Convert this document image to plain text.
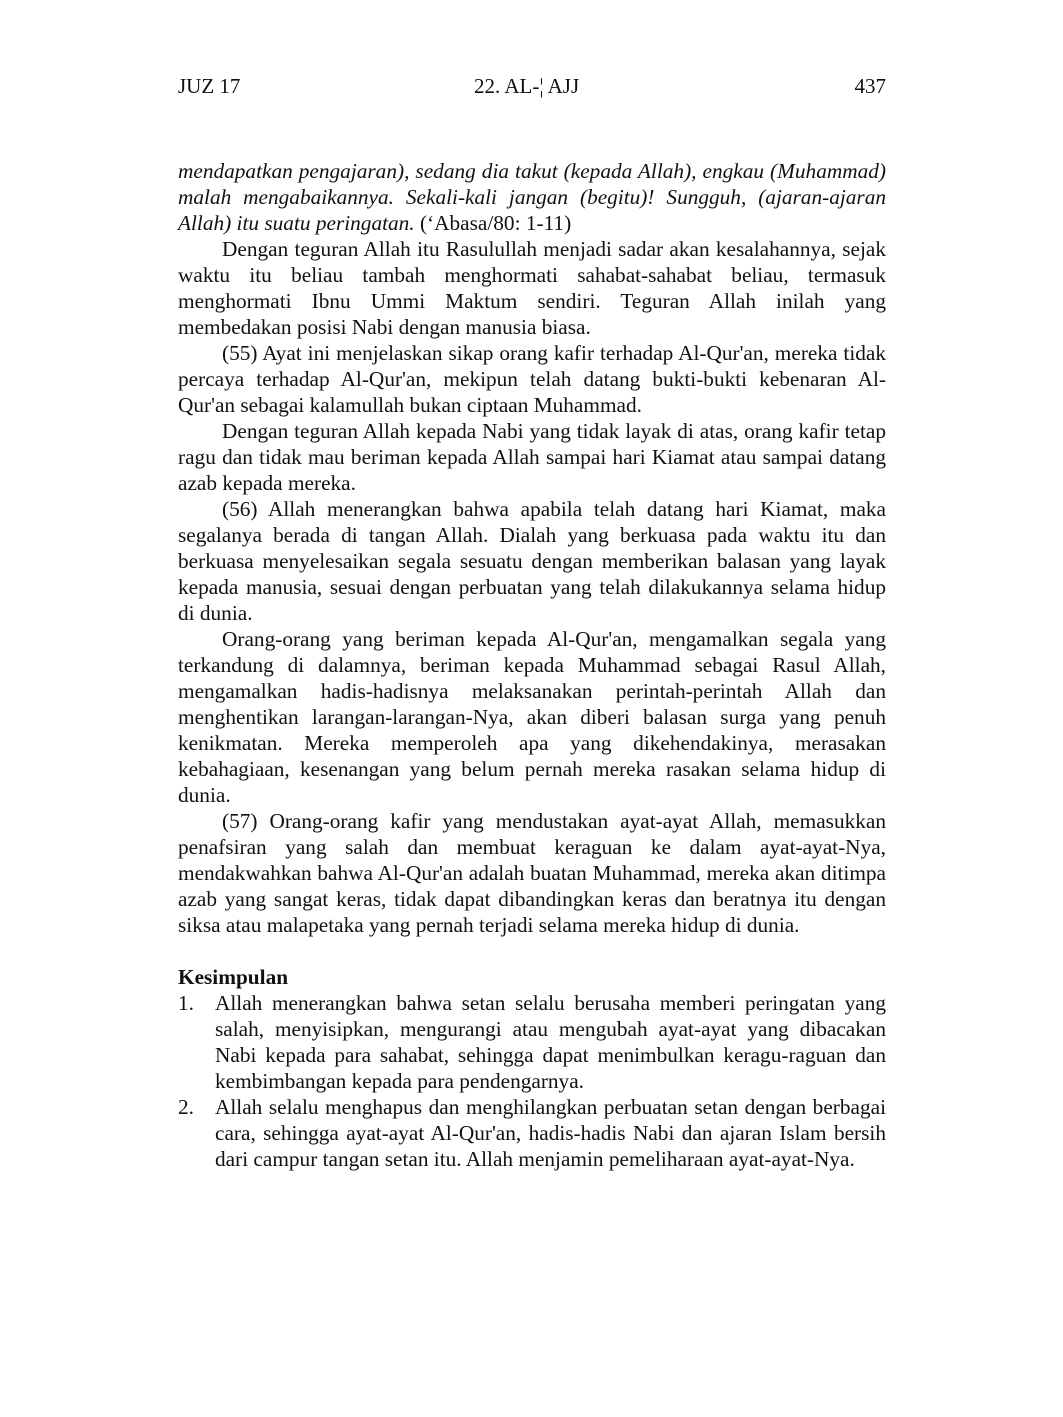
JUZ 17	22. AL-¦ AJJ	437

mendapatkan pengajaran), sedang dia takut (kepada Allah), engkau (Muhammad) malah mengabaikannya. Sekali-kali jangan (begitu)! Sungguh, (ajaran-ajaran Allah) itu suatu peringatan. (‘Abasa/80: 1-11)

Dengan teguran Allah itu Rasulullah menjadi sadar akan kesalahannya, sejak waktu itu beliau tambah menghormati sahabat-sahabat beliau, termasuk menghormati Ibnu Ummi Maktum sendiri. Teguran Allah inilah yang membedakan posisi Nabi dengan manusia biasa.

(55) Ayat ini menjelaskan sikap orang kafir terhadap Al-Qur'an, mereka tidak percaya terhadap Al-Qur'an, mekipun telah datang bukti-bukti kebenaran Al-Qur'an sebagai kalamullah bukan ciptaan Muhammad.

Dengan teguran Allah kepada Nabi yang tidak layak di atas, orang kafir tetap ragu dan tidak mau beriman kepada Allah sampai hari Kiamat atau sampai datang azab kepada mereka.

(56) Allah menerangkan bahwa apabila telah datang hari Kiamat, maka segalanya berada di tangan Allah. Dialah yang berkuasa pada waktu itu dan berkuasa menyelesaikan segala sesuatu dengan memberikan balasan yang layak kepada manusia, sesuai dengan perbuatan yang telah dilakukannya selama hidup di dunia.

Orang-orang yang beriman kepada Al-Qur'an, mengamalkan segala yang terkandung di dalamnya, beriman kepada Muhammad sebagai Rasul Allah, mengamalkan hadis-hadisnya melaksanakan perintah-perintah Allah dan menghentikan larangan-larangan-Nya, akan diberi balasan surga yang penuh kenikmatan. Mereka memperoleh apa yang dikehendakinya, merasakan kebahagiaan, kesenangan yang belum pernah mereka rasakan selama hidup di dunia.

(57) Orang-orang kafir yang mendustakan ayat-ayat Allah, memasukkan penafsiran yang salah dan membuat keraguan ke dalam ayat-ayat-Nya, mendakwahkan bahwa Al-Qur'an adalah buatan Muhammad, mereka akan ditimpa azab yang sangat keras, tidak dapat dibandingkan keras dan beratnya itu dengan siksa atau malapetaka yang pernah terjadi selama mereka hidup di dunia.

Kesimpulan
1. Allah menerangkan bahwa setan selalu berusaha memberi peringatan yang salah, menyisipkan, mengurangi atau mengubah ayat-ayat yang dibacakan Nabi kepada para sahabat, sehingga dapat menimbulkan keragu-raguan dan kembimbangan kepada para pendengarnya.
2. Allah selalu menghapus dan menghilangkan perbuatan setan dengan berbagai cara, sehingga ayat-ayat Al-Qur'an, hadis-hadis Nabi dan ajaran Islam bersih dari campur tangan setan itu. Allah menjamin pemeliharaan ayat-ayat-Nya.
